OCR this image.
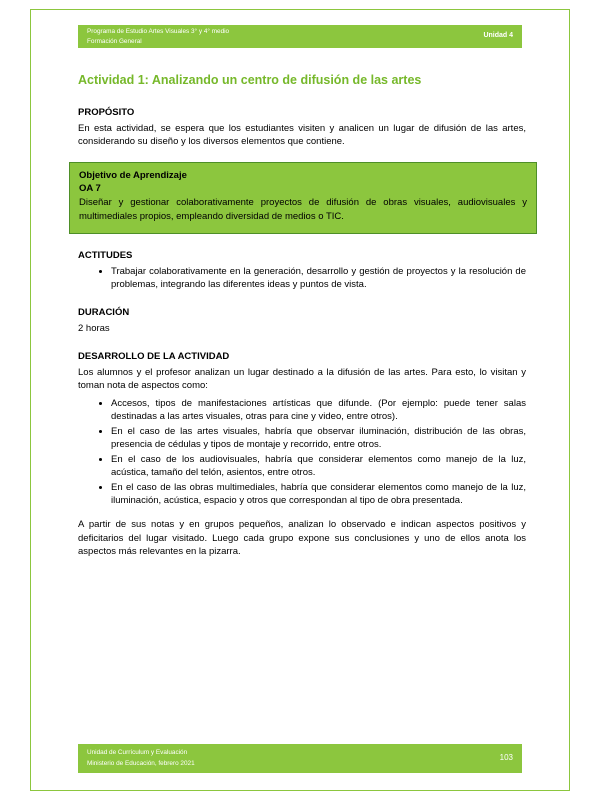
Programa de Estudio Artes Visuales 3° y 4° medio
Formación General
Unidad 4
Actividad 1: Analizando un centro de difusión de las artes
PROPÓSITO

En esta actividad, se espera que los estudiantes visiten y analicen un lugar de difusión de las artes, considerando su diseño y los diversos elementos que contiene.

Objetivo de Aprendizaje
OA 7
Diseñar y gestionar colaborativamente proyectos de difusión de obras visuales, audiovisuales y multimediales propios, empleando diversidad de medios o TIC.
ACTITUDES
• Trabajar colaborativamente en la generación, desarrollo y gestión de proyectos y la resolución de problemas, integrando las diferentes ideas y puntos de vista.
DURACIÓN

2 horas

DESARROLLO DE LA ACTIVIDAD

Los alumnos y el profesor analizan un lugar destinado a la difusión de las artes. Para esto, lo visitan y toman nota de aspectos como:

• Accesos, tipos de manifestaciones artísticas que difunde. (Por ejemplo: puede tener salas destinadas a las artes visuales, otras para cine y video, entre otros).
• En el caso de las artes visuales, habría que observar iluminación, distribución de las obras, presencia de cédulas y tipos de montaje y recorrido, entre otros.
• En el caso de los audiovisuales, habría que considerar elementos como manejo de la luz, acústica, tamaño del telón, asientos, entre otros.
• En el caso de las obras multimediales, habría que considerar elementos como manejo de la luz, iluminación, acústica, espacio y otros que correspondan al tipo de obra presentada.

A partir de sus notas y en grupos pequeños, analizan lo observado e indican aspectos positivos y deficitarios del lugar visitado. Luego cada grupo expone sus conclusiones y uno de ellos anota los aspectos más relevantes en la pizarra.

Unidad de Currículum y Evaluación
Ministerio de Educación, febrero 2021
103
